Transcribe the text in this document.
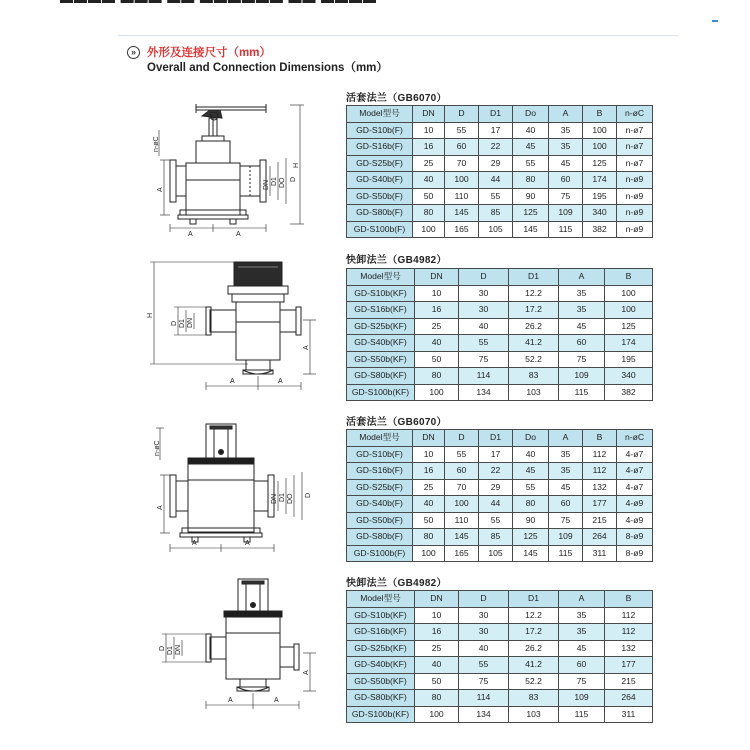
» 外形及连接尺寸（mm）
Overall and Connection Dimensions（mm）
n-øC
A
H
DN D1 DO D
A	A
H
D D1 DN
A
A	A
n-øC
A
DN D1 DO D
A	A
D D1 DN
A
A	A
活套法兰（GB6070）
Model型号	DN	D	D1	Do	A	B	n-øC
GD-S10b(F)	10	55	17	40	35	100	n-ø7
GD-S16b(F)	16	60	22	45	35	100	n-ø7
GD-S25b(F)	25	70	29	55	45	125	n-ø7
GD-S40b(F)	40	100	44	80	60	174	n-ø9
GD-S50b(F)	50	110	55	90	75	195	n-ø9
GD-S80b(F)	80	145	85	125	109	340	n-ø9
GD-S100b(F)	100	165	105	145	115	382	n-ø9
快卸法兰（GB4982）
Model型号	DN	D	D1	A	B
GD-S10b(KF)	10	30	12.2	35	100
GD-S16b(KF)	16	30	17.2	35	100
GD-S25b(KF)	25	40	26.2	45	125
GD-S40b(KF)	40	55	41.2	60	174
GD-S50b(KF)	50	75	52.2	75	195
GD-S80b(KF)	80	114	83	109	340
GD-S100b(KF)	100	134	103	115	382
活套法兰（GB6070）
Model型号	DN	D	D1	Do	A	B	n-øC
GD-S10b(F)	10	55	17	40	35	112	4-ø7
GD-S16b(F)	16	60	22	45	35	112	4-ø7
GD-S25b(F)	25	70	29	55	45	132	4-ø7
GD-S40b(F)	40	100	44	80	60	177	4-ø9
GD-S50b(F)	50	110	55	90	75	215	4-ø9
GD-S80b(F)	80	145	85	125	109	264	8-ø9
GD-S100b(F)	100	165	105	145	115	311	8-ø9
快卸法兰（GB4982）
Model型号	DN	D	D1	A	B
GD-S10b(KF)	10	30	12.2	35	112
GD-S16b(KF)	16	30	17.2	35	112
GD-S25b(KF)	25	40	26.2	45	132
GD-S40b(KF)	40	55	41.2	60	177
GD-S50b(KF)	50	75	52.2	75	215
GD-S80b(KF)	80	114	83	109	264
GD-S100b(KF)	100	134	103	115	311
